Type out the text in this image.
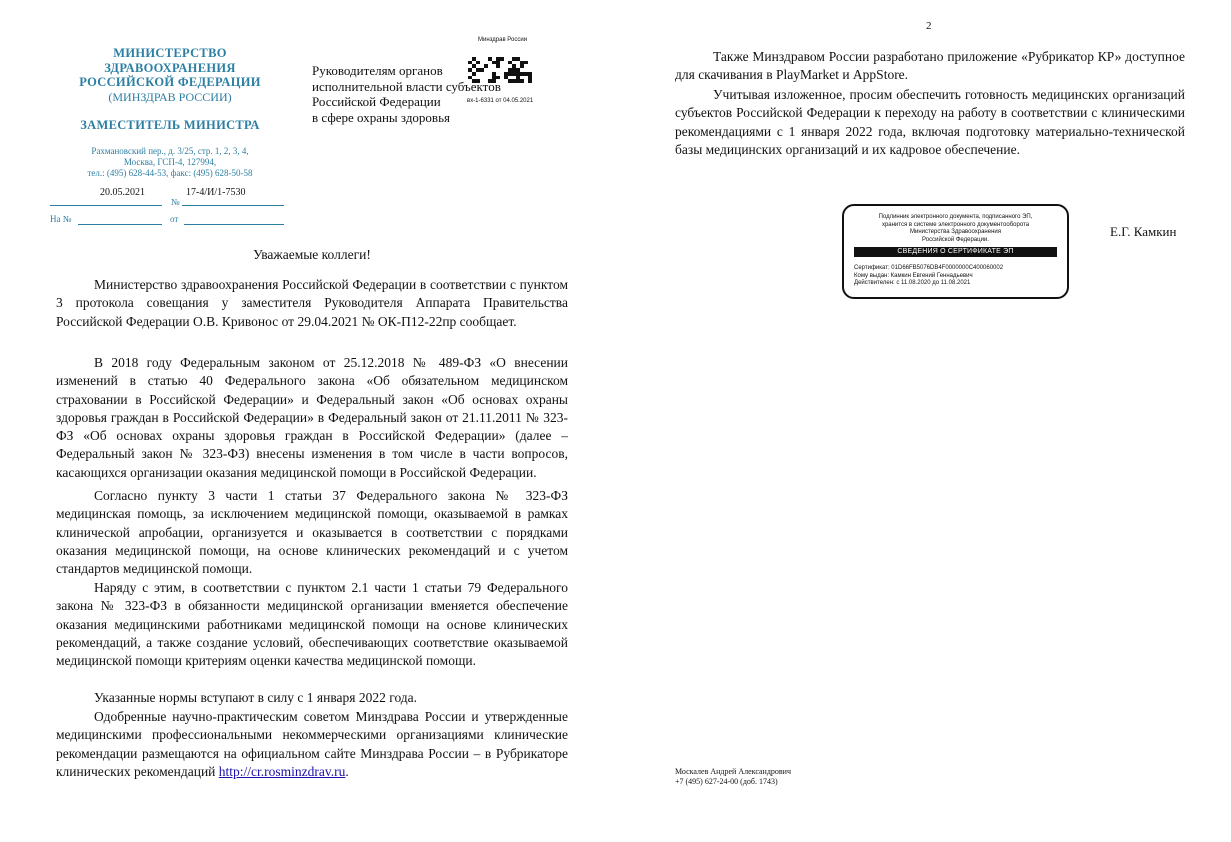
МИНИСТЕРСТВО
ЗДРАВООХРАНЕНИЯ
РОССИЙСКОЙ ФЕДЕРАЦИИ
(МИНЗДРАВ РОССИИ)
ЗАМЕСТИТЕЛЬ МИНИСТРА
Рахмановский пер., д. 3/25, стр. 1, 2, 3, 4,
Москва, ГСП-4, 127994,
тел.: (495) 628-44-53, факс: (495) 628-50-58
20.05.2021	17-4/И/1-7530
№
На №	от
Минздрав России
вх-1-6331 от 04.05.2021
Руководителям органов
исполнительной власти субъектов
Российской Федерации
в сфере охраны здоровья
Уважаемые коллеги!
Министерство здравоохранения Российской Федерации в соответствии с пунктом 3 протокола совещания у заместителя Руководителя Аппарата Правительства Российской Федерации О.В. Кривонос от 29.04.2021 № ОК-П12-22пр сообщает.
В 2018 году Федеральным законом от 25.12.2018 № 489-ФЗ «О внесении изменений в статью 40 Федерального закона «Об обязательном медицинском страховании в Российской Федерации» и Федеральный закон «Об основах охраны здоровья граждан в Российской Федерации» в Федеральный закон от 21.11.2011 № 323-ФЗ «Об основах охраны здоровья граждан в Российской Федерации» (далее – Федеральный закон № 323-ФЗ) внесены изменения в том числе в части вопросов, касающихся организации оказания медицинской помощи в Российской Федерации.
Согласно пункту 3 части 1 статьи 37 Федерального закона № 323-ФЗ медицинская помощь, за исключением медицинской помощи, оказываемой в рамках клинической апробации, организуется и оказывается в соответствии с порядками оказания медицинской помощи, на основе клинических рекомендаций и с учетом стандартов медицинской помощи.
Наряду с этим, в соответствии с пунктом 2.1 части 1 статьи 79 Федерального закона № 323-ФЗ в обязанности медицинской организации вменяется обеспечение оказания медицинскими работниками медицинской помощи на основе клинических рекомендаций, а также создание условий, обеспечивающих соответствие оказываемой медицинской помощи критериям оценки качества медицинской помощи.
Указанные нормы вступают в силу с 1 января 2022 года.
Одобренные научно-практическим советом Минздрава России и утвержденные медицинскими профессиональными некоммерческими организациями клинические рекомендации размещаются на официальном сайте Минздрава России – в Рубрикаторе клинических рекомендаций http://cr.rosminzdrav.ru.
2
Также Минздравом России разработано приложение «Рубрикатор КР» доступное для скачивания в PlayMarket и AppStore.
Учитывая изложенное, просим обеспечить готовность медицинских организаций субъектов Российской Федерации к переходу на работу в соответствии с клиническими рекомендациями с 1 января 2022 года, включая подготовку материально-технической базы медицинских организаций и их кадровое обеспечение.
Подлинник электронного документа, подписанного ЭП,
хранится в системе электронного документооборота
Министерства Здравоохранения
Российской Федерации.
СВЕДЕНИЯ О СЕРТИФИКАТЕ ЭП
Сертификат: 01D66FB5076DB4F0000000C400060002
Кому выдан: Камкин Евгений Геннадьевич
Действителен: с 11.08.2020 до 11.08.2021
Е.Г. Камкин
Москалев Андрей Александрович
+7 (495) 627-24-00 (доб. 1743)
